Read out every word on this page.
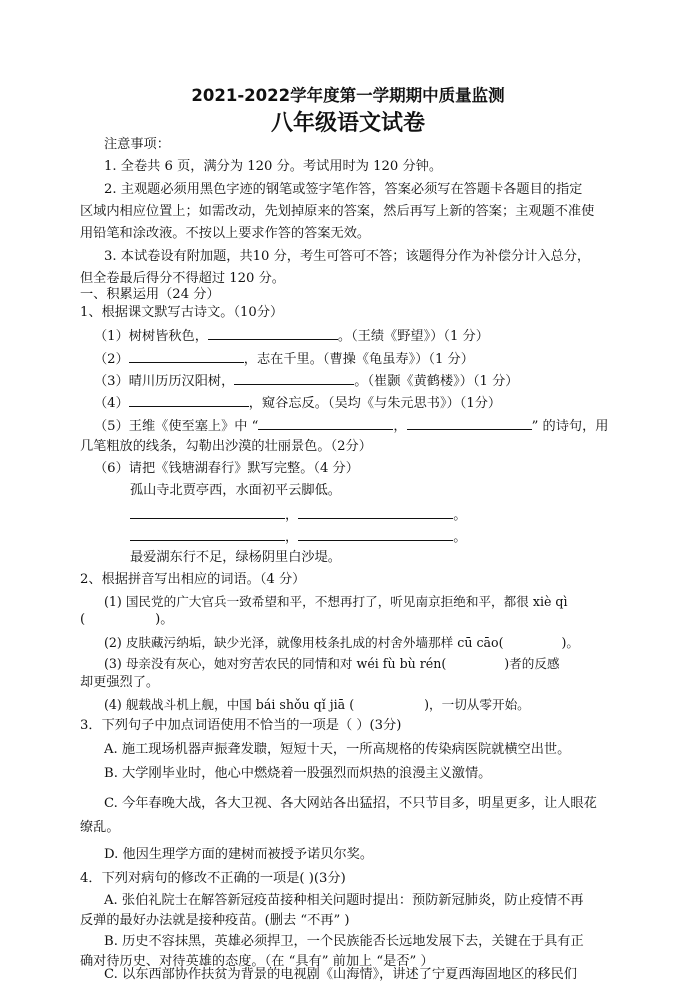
2021-2022学年度第一学期期中质量监测
八年级语文试卷
注意事项：
1. 全卷共 6 页，满分为 120 分。考试用时为 120 分钟。
2. 主观题必须用黑色字迹的钢笔或签字笔作答，答案必须写在答题卡各题目的指定
区域内相应位置上；如需改动，先划掉原来的答案，然后再写上新的答案；主观题不准使
用铅笔和涂改液。不按以上要求作答的答案无效。
3. 本试卷设有附加题，共10 分，考生可答可不答；该题得分作为补偿分计入总分，
但全卷最后得分不得超过 120 分。
一、积累运用（24 分）
1、根据课文默写古诗文。（10分）
（1）树树皆秋色，	。（王绩《野望》）（1 分）
（2）	，志在千里。（曹操《龟虽寿》）（1 分）
（3）晴川历历汉阳树，	。（崔颢《黄鹤楼》）（1 分）
（4）	，窥谷忘反。（吴均《与朱元思书》）（1分）
（5）王维《使至塞上》中 “	，	” 的诗句，用
几笔粗放的线条，勾勒出沙漠的壮丽景色。（2分）
（6）请把《钱塘湖春行》默写完整。（4 分）
孤山寺北贾亭西，水面初平云脚低。
，	。
，	。
最爱湖东行不足，绿杨阴里白沙堤。
2、根据拼音写出相应的词语。（4 分）
(1) 国民党的广大官兵一致希望和平，不想再打了，听见南京拒绝和平，都很 xiè qì
(	)。
(2) 皮肤藏污纳垢，缺少光泽，就像用枝条扎成的村舍外墙那样 cū cāo(	)。
(3) 母亲没有灰心，她对穷苦农民的同情和对 wéi fù bù rén(	)者的反感
却更强烈了。
(4) 舰载战斗机上舰，中国 bái shǒu qǐ jiā (	)，一切从零开始。
3．下列句子中加点词语使用不恰当的一项是（ ）(3分)
A. 施工现场机器声振聋发聩，短短十天，一所高规格的传染病医院就横空出世。
B. 大学刚毕业时，他心中燃烧着一股强烈而炽热的浪漫主义激情。
C. 今年春晚大战，各大卫视、各大网站各出猛招，不只节目多，明星更多，让人眼花
缭乱。
D. 他因生理学方面的建树而被授予诺贝尔奖。
4．下列对病句的修改不正确的一项是( )(3分)
A. 张伯礼院士在解答新冠疫苗接种相关问题时提出：预防新冠肺炎，防止疫情不再
反弹的最好办法就是接种疫苗。(删去 “不再” )
B. 历史不容抹黑，英雄必须捍卫，一个民族能否长远地发展下去，关键在于具有正
确对待历史、对待英雄的态度。（在 “具有” 前加上 “是否” ）
C. 以东西部协作扶贫为背景的电视剧《山海情》，讲述了宁夏西海固地区的移民们
